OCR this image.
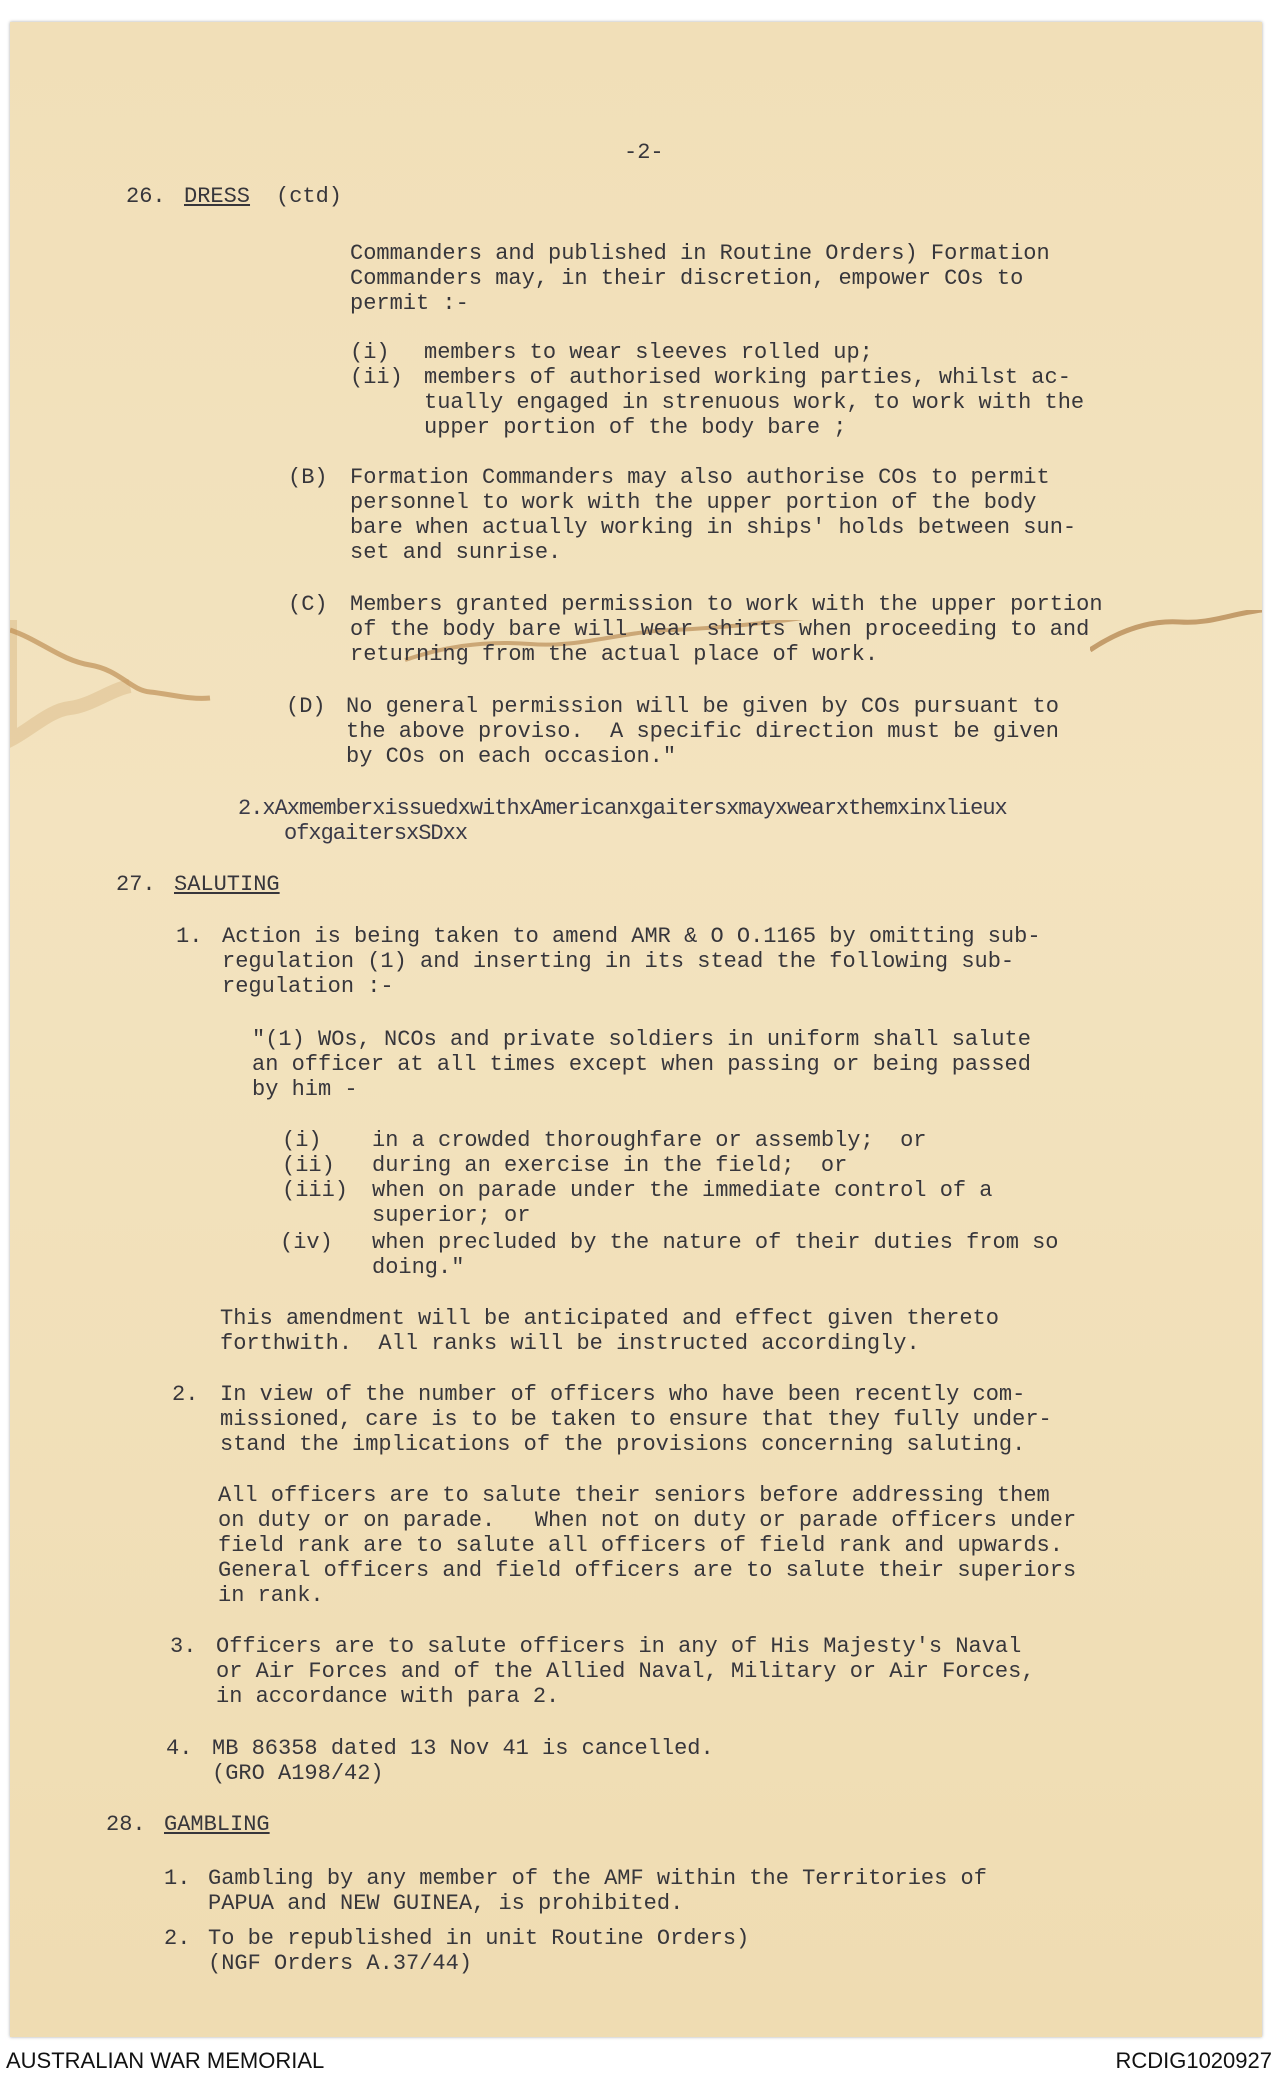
-2-
26. DRESS (ctd)
Commanders and published in Routine Orders) Formation
Commanders may, in their discretion, empower COs to
permit :-
(i) members to wear sleeves rolled up;
(ii) members of authorised working parties, whilst ac-
tually engaged in strenuous work, to work with the
upper portion of the body bare ;
(B) Formation Commanders may also authorise COs to permit
personnel to work with the upper portion of the body
bare when actually working in ships' holds between sun-
set and sunrise.
(C) Members granted permission to work with the upper portion
of the body bare will wear shirts when proceeding to and
returning from the actual place of work.
(D) No general permission will be given by COs pursuant to
the above proviso.  A specific direction must be given
by COs on each occasion."
2.xAxmemberxissuedxwithxAmericanxgaitersxmayxwearxthemxinxlieux
ofxgaitersxSDxx
27. SALUTING
1. Action is being taken to amend AMR & O O.1165 by omitting sub-
regulation (1) and inserting in its stead the following sub-
regulation :-
"(1) WOs, NCOs and private soldiers in uniform shall salute
an officer at all times except when passing or being passed
by him -
(i) in a crowded thoroughfare or assembly;  or
(ii) during an exercise in the field;  or
(iii) when on parade under the immediate control of a
superior; or
(iv) when precluded by the nature of their duties from so
doing."
This amendment will be anticipated and effect given thereto
forthwith.  All ranks will be instructed accordingly.
2. In view of the number of officers who have been recently com-
missioned, care is to be taken to ensure that they fully under-
stand the implications of the provisions concerning saluting.
All officers are to salute their seniors before addressing them
on duty or on parade.   When not on duty or parade officers under
field rank are to salute all officers of field rank and upwards.
General officers and field officers are to salute their superiors
in rank.
3. Officers are to salute officers in any of His Majesty's Naval
or Air Forces and of the Allied Naval, Military or Air Forces,
in accordance with para 2.
4. MB 86358 dated 13 Nov 41 is cancelled.
(GRO A198/42)
28. GAMBLING
1. Gambling by any member of the AMF within the Territories of
PAPUA and NEW GUINEA, is prohibited.
2. To be republished in unit Routine Orders)
(NGF Orders A.37/44)
AUSTRALIAN WAR MEMORIAL	RCDIG1020927
